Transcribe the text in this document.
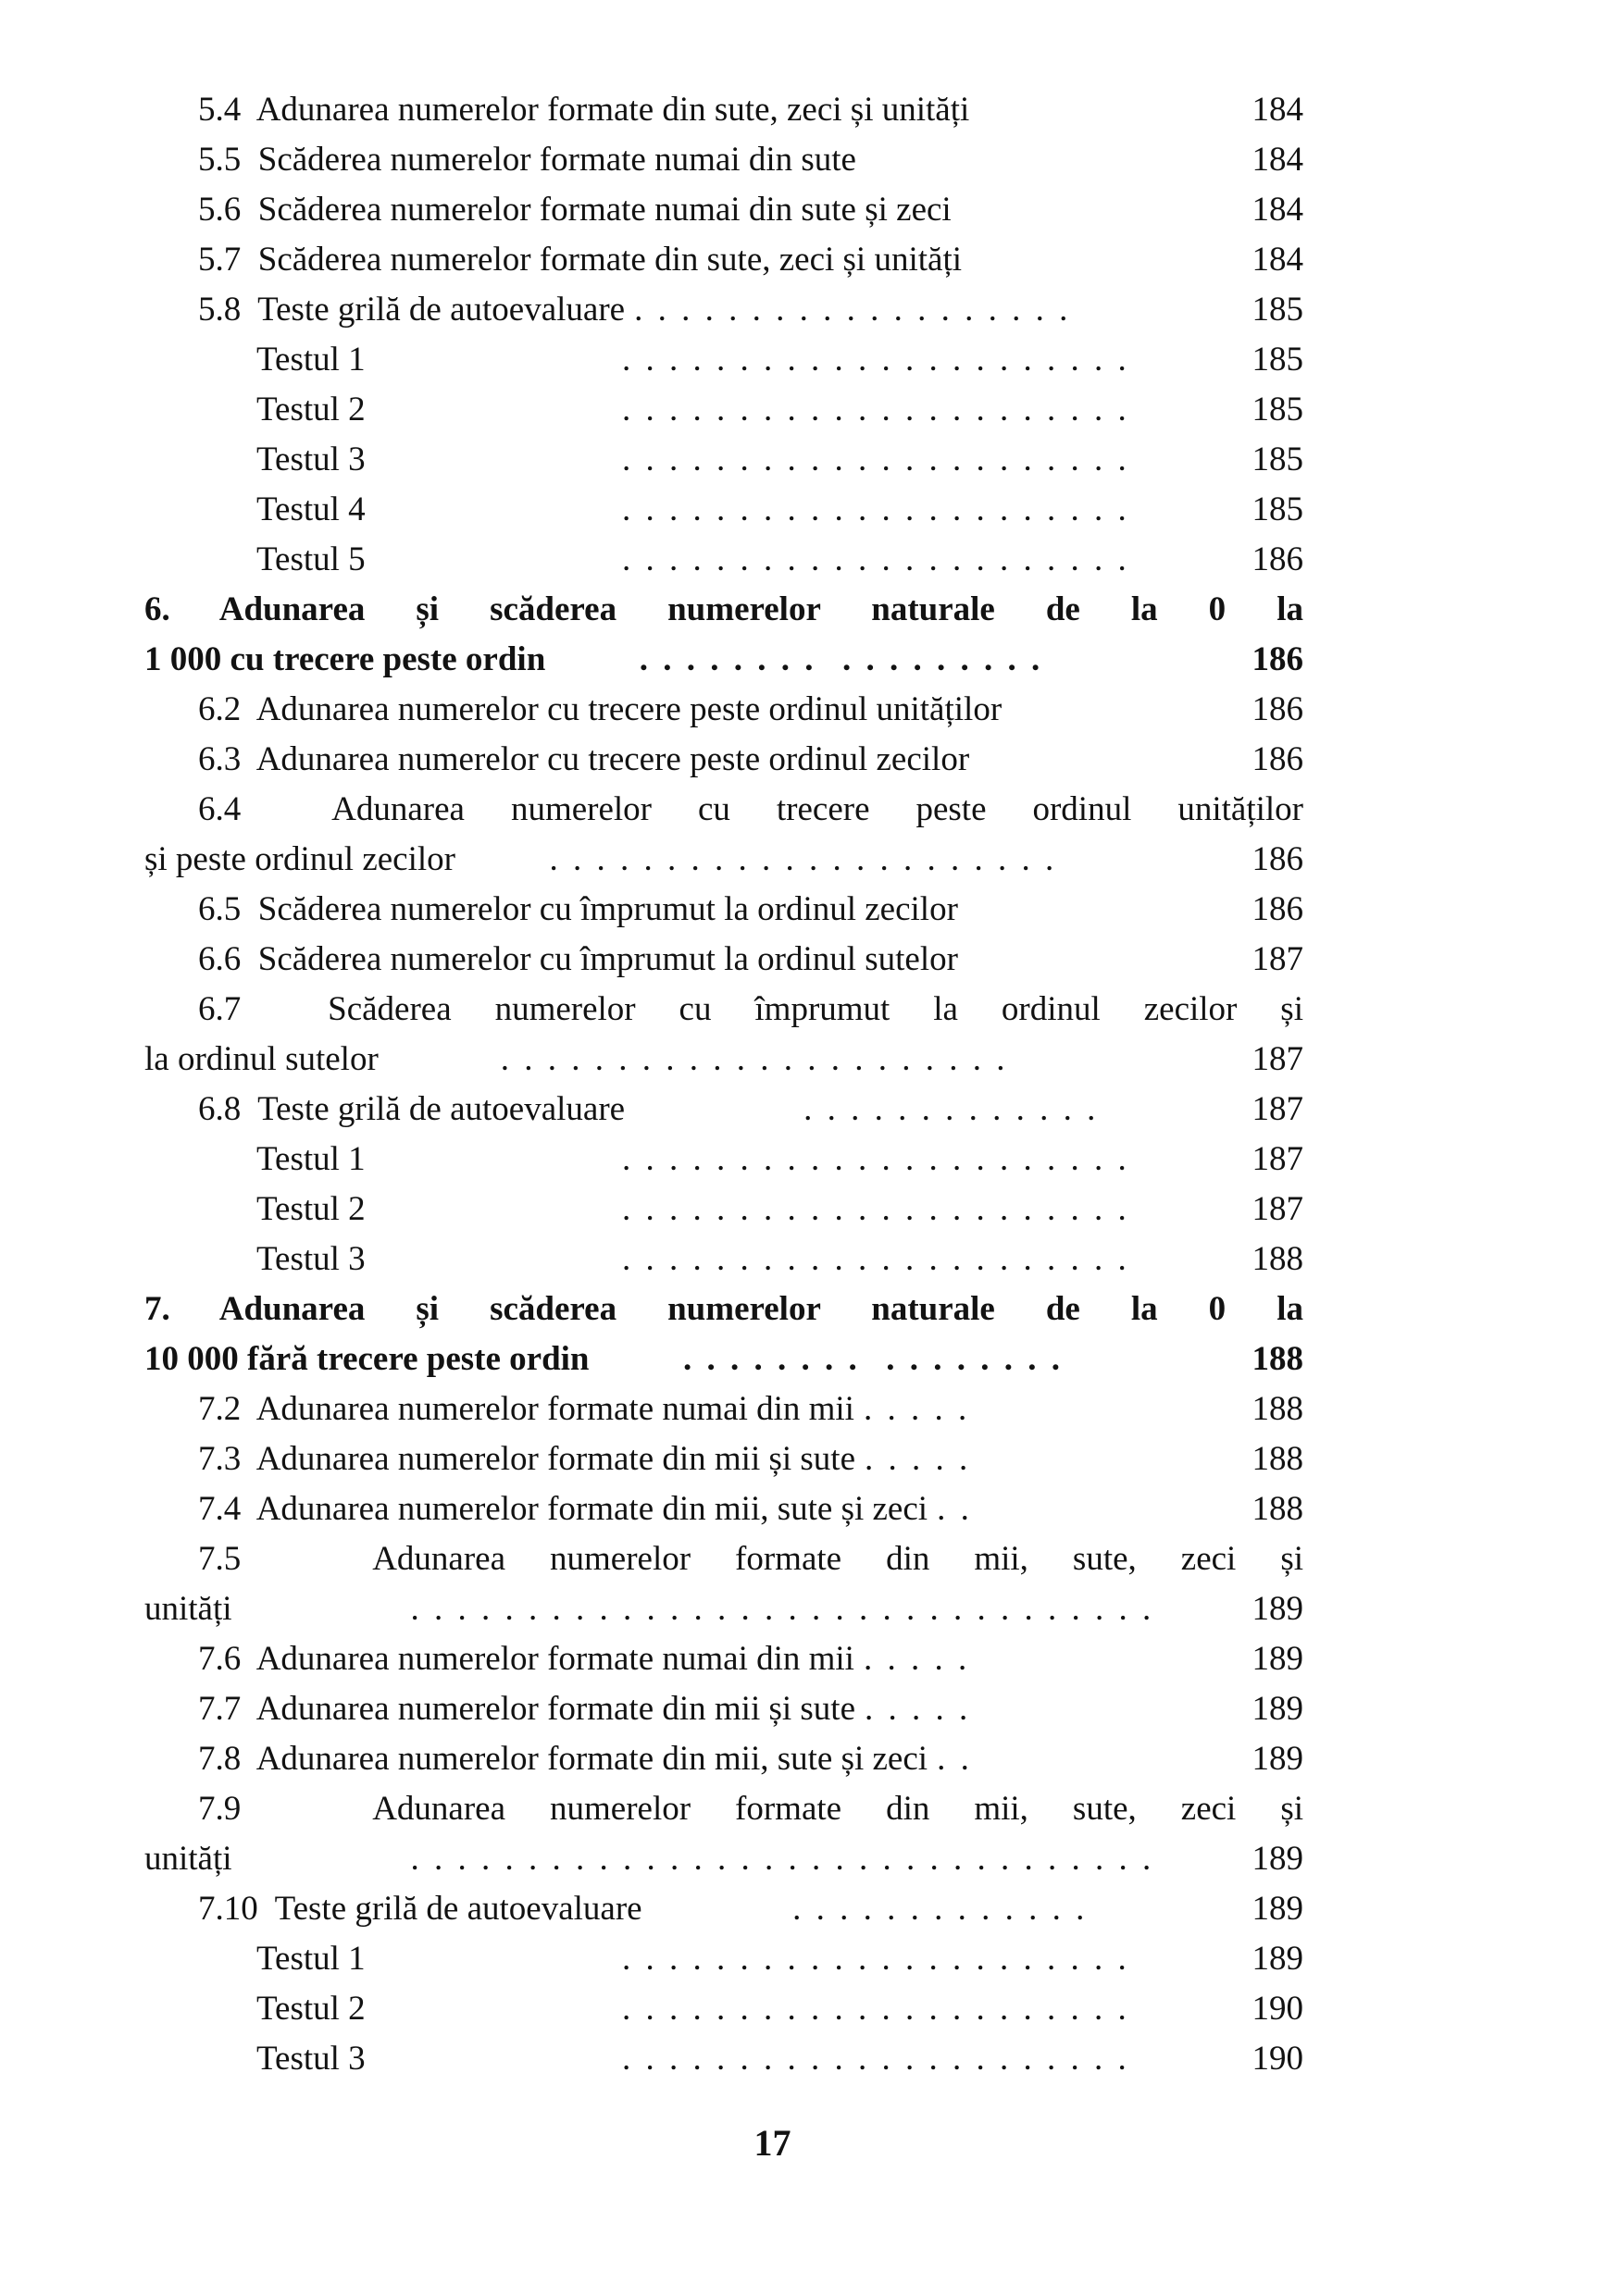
5.4  Adunarea numerelor formate din sute, zeci și unități	184
5.5  Scăderea numerelor formate numai din sute	184
5.6  Scăderea numerelor formate numai din sute și zeci	184
5.7  Scăderea numerelor formate din sute, zeci și unități	184
5.8  Teste grilă de autoevaluare . . . . . . . . . . . . . . . . . . .	185
Testul 1	. . . . . . . . . . . . . . . . . . . . . .	185
Testul 2	. . . . . . . . . . . . . . . . . . . . . .	185
Testul 3	. . . . . . . . . . . . . . . . . . . . . .	185
Testul 4	. . . . . . . . . . . . . . . . . . . . . .	185
Testul 5	. . . . . . . . . . . . . . . . . . . . . .	186
6. Adunarea și scăderea numerelor naturale de la 0 la
1 000 cu trecere peste ordin . . . . . . . .  . . . . . . . . .	186
6.2  Adunarea numerelor cu trecere peste ordinul unităților	186
6.3  Adunarea numerelor cu trecere peste ordinul zecilor	186
6.4  Adunarea numerelor cu trecere peste ordinul unităților
și peste ordinul zecilor . . . . . . . . . . . . . . . . . . . . . .	186
6.5  Scăderea numerelor cu împrumut la ordinul zecilor	186
6.6  Scăderea numerelor cu împrumut la ordinul sutelor	187
6.7  Scăderea numerelor cu împrumut la ordinul zecilor și
la ordinul sutelor . . . . . . . . . . . . . . . . . . . . . .	187
6.8  Teste grilă de autoevaluare . . . . . . . . . . . . .	187
Testul 1	. . . . . . . . . . . . . . . . . . . . . .	187
Testul 2	. . . . . . . . . . . . . . . . . . . . . .	187
Testul 3	. . . . . . . . . . . . . . . . . . . . . .	188
7. Adunarea și scăderea numerelor naturale de la 0 la
10 000 fără trecere peste ordin . . . . . . . .  . . . . . . . .	188
7.2  Adunarea numerelor formate numai din mii . . . . .	188
7.3  Adunarea numerelor formate din mii și sute . . . . .	188
7.4  Adunarea numerelor formate din mii, sute și zeci . .	188
7.5   Adunarea numerelor formate din mii, sute, zeci și
unități . . . . . . . . . . . . . . . . . . . . . . . . . . . . . . . .	189
7.6  Adunarea numerelor formate numai din mii . . . . .	189
7.7  Adunarea numerelor formate din mii și sute . . . . .	189
7.8  Adunarea numerelor formate din mii, sute și zeci . .	189
7.9   Adunarea numerelor formate din mii, sute, zeci și
unități . . . . . . . . . . . . . . . . . . . . . . . . . . . . . . . .	189
7.10  Teste grilă de autoevaluare . . . . . . . . . . . . .	189
Testul 1	. . . . . . . . . . . . . . . . . . . . . .	189
Testul 2	. . . . . . . . . . . . . . . . . . . . . .	190
Testul 3	. . . . . . . . . . . . . . . . . . . . . .	190
17
